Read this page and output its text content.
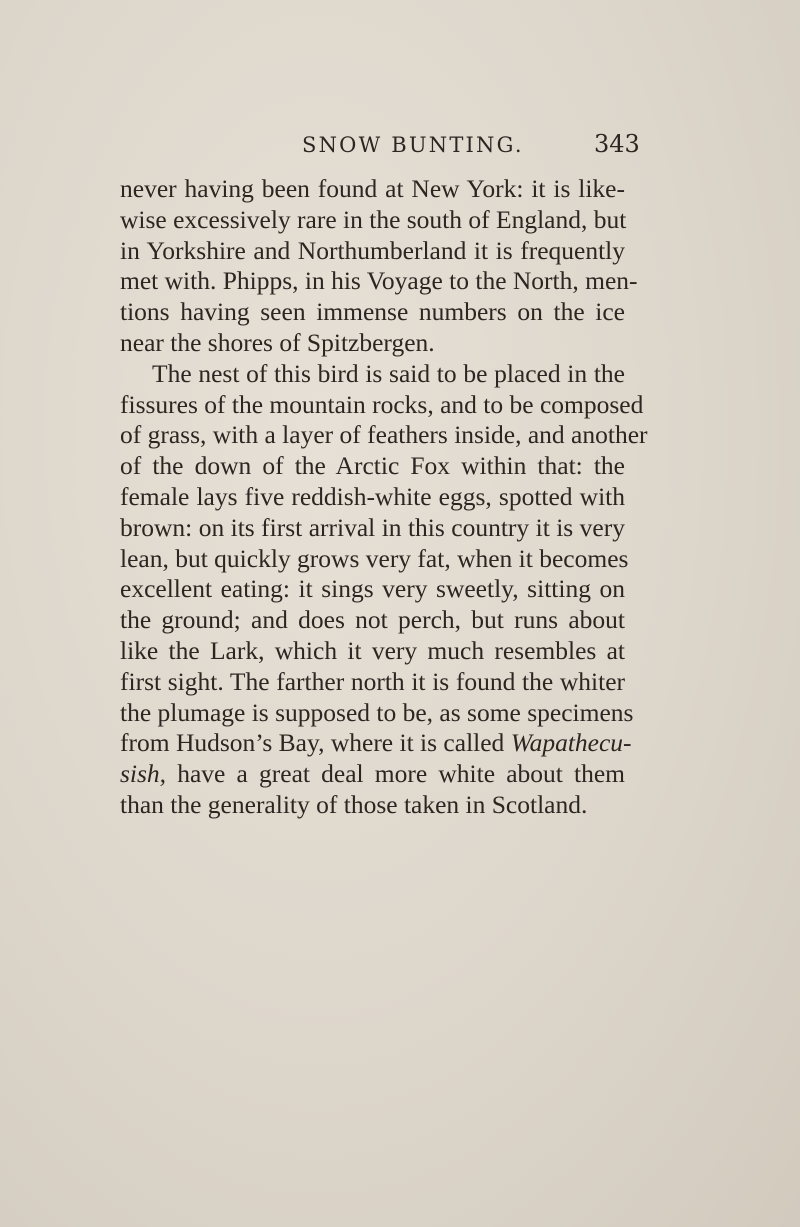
SNOW BUNTING.	343
never having been found at New York: it is like-
wise excessively rare in the south of England, but
in Yorkshire and Northumberland it is frequently
met with. Phipps, in his Voyage to the North, men-
tions having seen immense numbers on the ice
near the shores of Spitzbergen.
The nest of this bird is said to be placed in the
fissures of the mountain rocks, and to be composed
of grass, with a layer of feathers inside, and another
of the down of the Arctic Fox within that: the
female lays five reddish-white eggs, spotted with
brown: on its first arrival in this country it is very
lean, but quickly grows very fat, when it becomes
excellent eating: it sings very sweetly, sitting on
the ground; and does not perch, but runs about
like the Lark, which it very much resembles at
first sight. The farther north it is found the whiter
the plumage is supposed to be, as some specimens
from Hudson’s Bay, where it is called Wapathecu-
sish, have a great deal more white about them
than the generality of those taken in Scotland.
